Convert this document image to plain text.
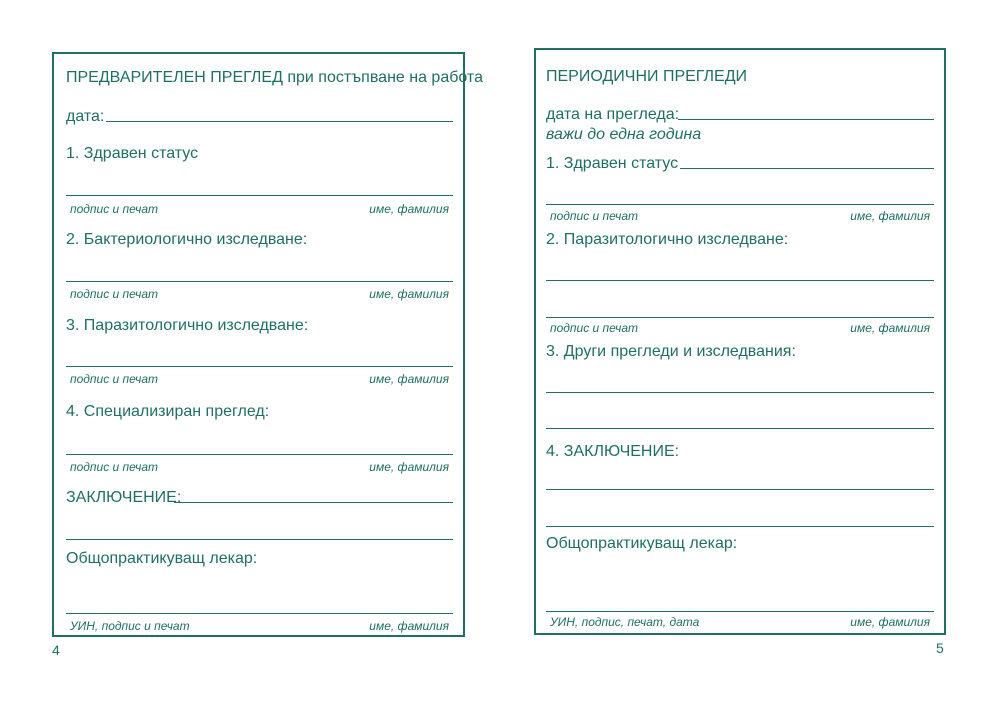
ПРЕДВАРИТЕЛЕН ПРЕГЛЕД при постъпване на работа
дата:
1. Здравен статус
подпис и печат	име, фамилия
2. Бактериологично изследване:
подпис и печат	име, фамилия
3. Паразитологично изследване:
подпис и печат	име, фамилия
4. Специализиран преглед:
подпис и печат	име, фамилия
ЗАКЛЮЧЕНИЕ:
Общопрактикуващ лекар:
УИН, подпис и печат	име, фамилия
4
ПЕРИОДИЧНИ ПРЕГЛЕДИ
дата на прегледа:
важи до една година
1. Здравен статус
подпис и печат	име, фамилия
2. Паразитологично изследване:
подпис и печат	име, фамилия
3. Други прегледи и изследвания:
4. ЗАКЛЮЧЕНИЕ:
Общопрактикуващ лекар:
УИН, подпис, печат, дата	име, фамилия
5
